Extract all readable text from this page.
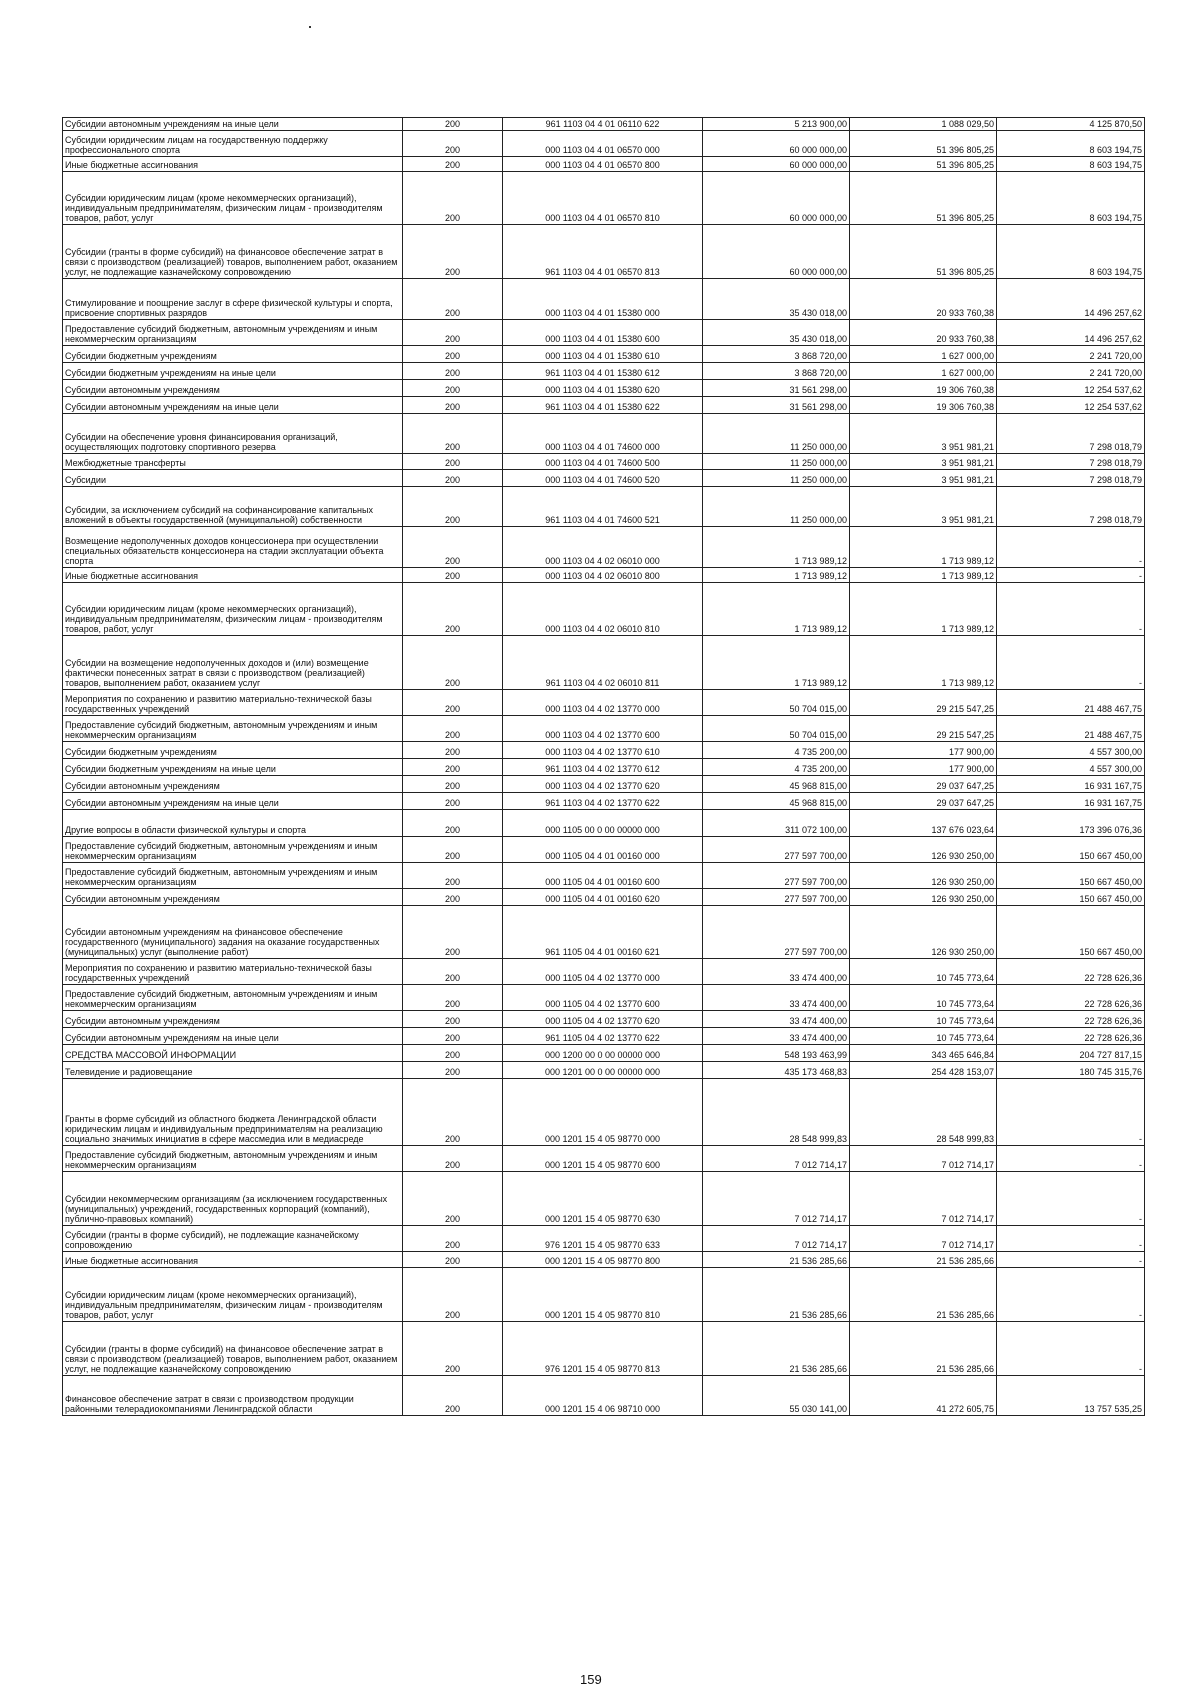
Субсидии автономным учреждениям на иные цели	200	961 1103 04 4 01 06110 622	5 213 900,00	1 088 029,50	4 125 870,50
Субсидии юридическим лицам на государственную поддержку профессионального спорта	200	000 1103 04 4 01 06570 000	60 000 000,00	51 396 805,25	8 603 194,75
Иные бюджетные ассигнования	200	000 1103 04 4 01 06570 800	60 000 000,00	51 396 805,25	8 603 194,75
Субсидии юридическим лицам (кроме некоммерческих организаций), индивидуальным предпринимателям, физическим лицам - производителям товаров, работ, услуг	200	000 1103 04 4 01 06570 810	60 000 000,00	51 396 805,25	8 603 194,75
Субсидии (гранты в форме субсидий) на финансовое обеспечение затрат в связи с производством (реализацией) товаров, выполнением работ, оказанием услуг, не подлежащие казначейскому сопровождению	200	961 1103 04 4 01 06570 813	60 000 000,00	51 396 805,25	8 603 194,75
Стимулирование и поощрение заслуг в сфере физической культуры и спорта, присвоение спортивных разрядов	200	000 1103 04 4 01 15380 000	35 430 018,00	20 933 760,38	14 496 257,62
Предоставление субсидий бюджетным, автономным учреждениям и иным некоммерческим организациям	200	000 1103 04 4 01 15380 600	35 430 018,00	20 933 760,38	14 496 257,62
Субсидии бюджетным учреждениям	200	000 1103 04 4 01 15380 610	3 868 720,00	1 627 000,00	2 241 720,00
Субсидии бюджетным учреждениям на иные цели	200	961 1103 04 4 01 15380 612	3 868 720,00	1 627 000,00	2 241 720,00
Субсидии автономным учреждениям	200	000 1103 04 4 01 15380 620	31 561 298,00	19 306 760,38	12 254 537,62
Субсидии автономным учреждениям на иные цели	200	961 1103 04 4 01 15380 622	31 561 298,00	19 306 760,38	12 254 537,62
Субсидии на обеспечение уровня финансирования организаций, осуществляющих подготовку спортивного резерва	200	000 1103 04 4 01 74600 000	11 250 000,00	3 951 981,21	7 298 018,79
Межбюджетные трансферты	200	000 1103 04 4 01 74600 500	11 250 000,00	3 951 981,21	7 298 018,79
Субсидии	200	000 1103 04 4 01 74600 520	11 250 000,00	3 951 981,21	7 298 018,79
Субсидии, за исключением субсидий на софинансирование капитальных вложений в объекты государственной (муниципальной) собственности	200	961 1103 04 4 01 74600 521	11 250 000,00	3 951 981,21	7 298 018,79
Возмещение недополученных доходов концессионера при осуществлении специальных обязательств концессионера на стадии эксплуатации объекта спорта	200	000 1103 04 4 02 06010 000	1 713 989,12	1 713 989,12	-
Иные бюджетные ассигнования	200	000 1103 04 4 02 06010 800	1 713 989,12	1 713 989,12	-
Субсидии юридическим лицам (кроме некоммерческих организаций), индивидуальным предпринимателям, физическим лицам - производителям товаров, работ, услуг	200	000 1103 04 4 02 06010 810	1 713 989,12	1 713 989,12	-
Субсидии на возмещение недополученных доходов и (или) возмещение фактически понесенных затрат в связи с производством (реализацией) товаров, выполнением работ, оказанием услуг	200	961 1103 04 4 02 06010 811	1 713 989,12	1 713 989,12	-
Мероприятия по сохранению и развитию материально-технической базы государственных учреждений	200	000 1103 04 4 02 13770 000	50 704 015,00	29 215 547,25	21 488 467,75
Предоставление субсидий бюджетным, автономным учреждениям и иным некоммерческим организациям	200	000 1103 04 4 02 13770 600	50 704 015,00	29 215 547,25	21 488 467,75
Субсидии бюджетным учреждениям	200	000 1103 04 4 02 13770 610	4 735 200,00	177 900,00	4 557 300,00
Субсидии бюджетным учреждениям на иные цели	200	961 1103 04 4 02 13770 612	4 735 200,00	177 900,00	4 557 300,00
Субсидии автономным учреждениям	200	000 1103 04 4 02 13770 620	45 968 815,00	29 037 647,25	16 931 167,75
Субсидии автономным учреждениям на иные цели	200	961 1103 04 4 02 13770 622	45 968 815,00	29 037 647,25	16 931 167,75
Другие вопросы в области физической культуры и спорта	200	000 1105 00 0 00 00000 000	311 072 100,00	137 676 023,64	173 396 076,36
Предоставление субсидий бюджетным, автономным учреждениям и иным некоммерческим организациям	200	000 1105 04 4 01 00160 000	277 597 700,00	126 930 250,00	150 667 450,00
Предоставление субсидий бюджетным, автономным учреждениям и иным некоммерческим организациям	200	000 1105 04 4 01 00160 600	277 597 700,00	126 930 250,00	150 667 450,00
Субсидии автономным учреждениям	200	000 1105 04 4 01 00160 620	277 597 700,00	126 930 250,00	150 667 450,00
Субсидии автономным учреждениям на финансовое обеспечение государственного (муниципального) задания на оказание государственных (муниципальных) услуг (выполнение работ)	200	961 1105 04 4 01 00160 621	277 597 700,00	126 930 250,00	150 667 450,00
Мероприятия по сохранению и развитию материально-технической базы государственных учреждений	200	000 1105 04 4 02 13770 000	33 474 400,00	10 745 773,64	22 728 626,36
Предоставление субсидий бюджетным, автономным учреждениям и иным некоммерческим организациям	200	000 1105 04 4 02 13770 600	33 474 400,00	10 745 773,64	22 728 626,36
Субсидии автономным учреждениям	200	000 1105 04 4 02 13770 620	33 474 400,00	10 745 773,64	22 728 626,36
Субсидии автономным учреждениям на иные цели	200	961 1105 04 4 02 13770 622	33 474 400,00	10 745 773,64	22 728 626,36
СРЕДСТВА МАССОВОЙ ИНФОРМАЦИИ	200	000 1200 00 0 00 00000 000	548 193 463,99	343 465 646,84	204 727 817,15
Телевидение и радиовещание	200	000 1201 00 0 00 00000 000	435 173 468,83	254 428 153,07	180 745 315,76
Гранты в форме субсидий из областного бюджета Ленинградской области юридическим лицам и индивидуальным предпринимателям на реализацию социально значимых инициатив в сфере массмедиа или в медиасреде	200	000 1201 15 4 05 98770 000	28 548 999,83	28 548 999,83	-
Предоставление субсидий бюджетным, автономным учреждениям и иным некоммерческим организациям	200	000 1201 15 4 05 98770 600	7 012 714,17	7 012 714,17	-
Субсидии некоммерческим организациям (за исключением государственных (муниципальных) учреждений, государственных корпораций (компаний), публично-правовых компаний)	200	000 1201 15 4 05 98770 630	7 012 714,17	7 012 714,17	-
Субсидии (гранты в форме субсидий), не подлежащие казначейскому сопровождению	200	976 1201 15 4 05 98770 633	7 012 714,17	7 012 714,17	-
Иные бюджетные ассигнования	200	000 1201 15 4 05 98770 800	21 536 285,66	21 536 285,66	-
Субсидии юридическим лицам (кроме некоммерческих организаций), индивидуальным предпринимателям, физическим лицам - производителям товаров, работ, услуг	200	000 1201 15 4 05 98770 810	21 536 285,66	21 536 285,66	-
Субсидии (гранты в форме субсидий) на финансовое обеспечение затрат в связи с производством (реализацией) товаров, выполнением работ, оказанием услуг, не подлежащие казначейскому сопровождению	200	976 1201 15 4 05 98770 813	21 536 285,66	21 536 285,66	-
Финансовое обеспечение затрат в связи с производством продукции районными телерадиокомпаниями Ленинградской области	200	000 1201 15 4 06 98710 000	55 030 141,00	41 272 605,75	13 757 535,25
159
